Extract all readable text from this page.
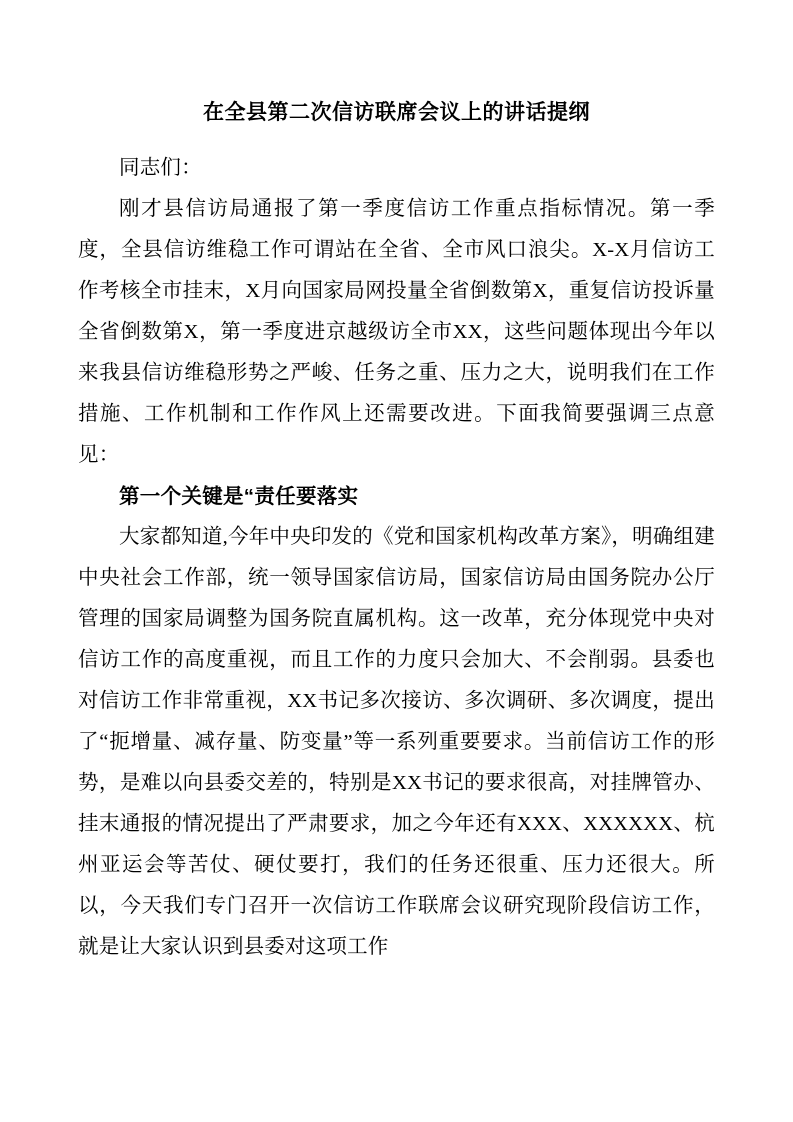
在全县第二次信访联席会议上的讲话提纲

同志们：

刚才县信访局通报了第一季度信访工作重点指标情况。第一季度，全县信访维稳工作可谓站在全省、全市风口浪尖。X-X月信访工作考核全市挂末，X月向国家局网投量全省倒数第X，重复信访投诉量全省倒数第X，第一季度进京越级访全市XX，这些问题体现出今年以来我县信访维稳形势之严峻、任务之重、压力之大，说明我们在工作措施、工作机制和工作作风上还需要改进。下面我简要强调三点意见：

第一个关键是“责任要落实

大家都知道,今年中央印发的《党和国家机构改革方案》，明确组建中央社会工作部，统一领导国家信访局，国家信访局由国务院办公厅管理的国家局调整为国务院直属机构。这一改革，充分体现党中央对信访工作的高度重视，而且工作的力度只会加大、不会削弱。县委也对信访工作非常重视，XX书记多次接访、多次调研、多次调度，提出了“扼增量、减存量、防变量”等一系列重要要求。当前信访工作的形势，是难以向县委交差的，特别是XX书记的要求很高，对挂牌管办、挂末通报的情况提出了严肃要求，加之今年还有XXX、XXXXXX、杭州亚运会等苦仗、硬仗要打，我们的任务还很重、压力还很大。所以，今天我们专门召开一次信访工作联席会议研究现阶段信访工作，就是让大家认识到县委对这项工作
